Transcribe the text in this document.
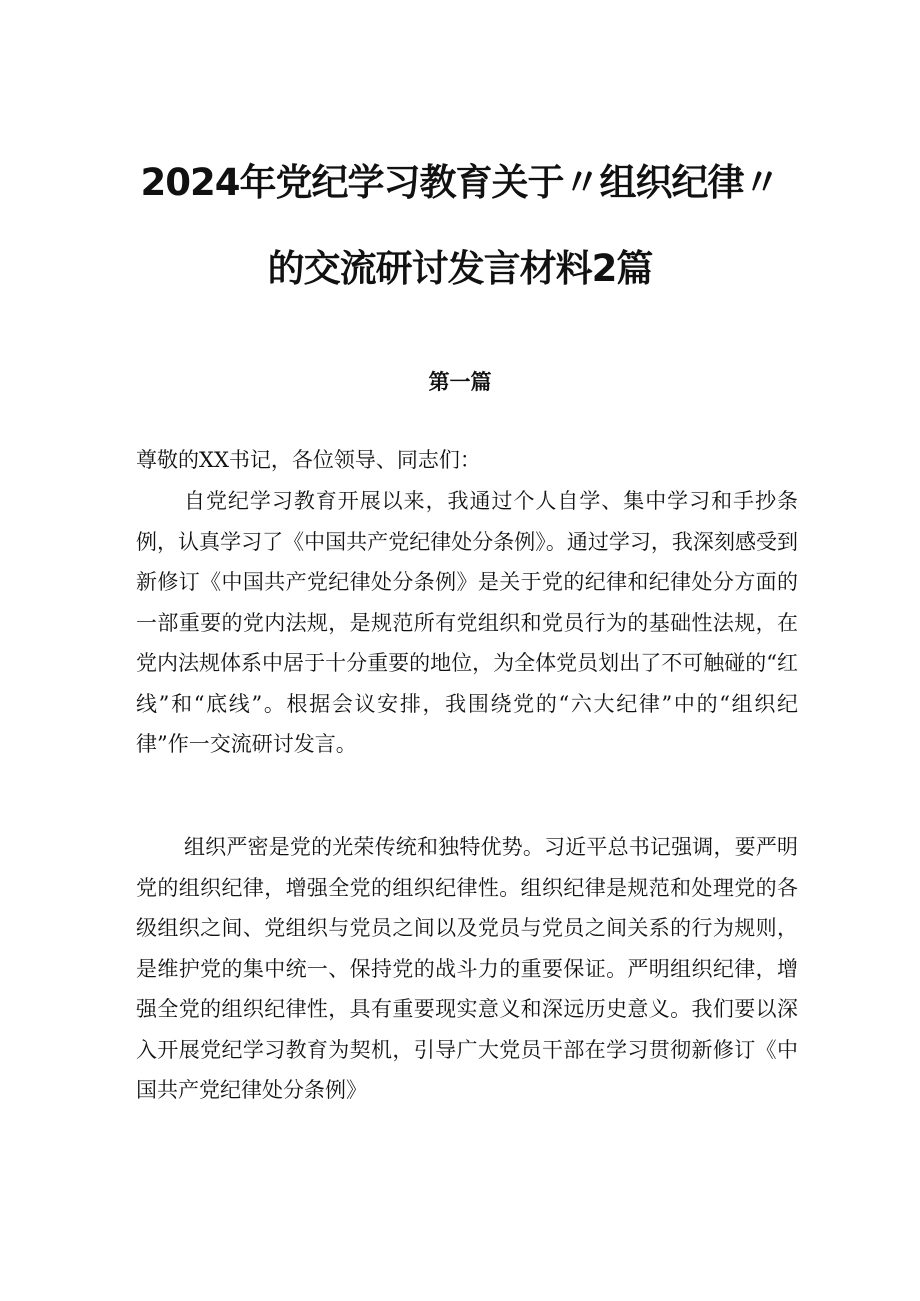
2024年党纪学习教育关于〃组织纪律〃
的交流研讨发言材料2篇
第一篇
尊敬的XX书记，各位领导、同志们：
自党纪学习教育开展以来，我通过个人自学、集中学习和手抄条例，认真学习了《中国共产党纪律处分条例》。通过学习，我深刻感受到新修订《中国共产党纪律处分条例》是关于党的纪律和纪律处分方面的一部重要的党内法规，是规范所有党组织和党员行为的基础性法规，在党内法规体系中居于十分重要的地位，为全体党员划出了不可触碰的“红线”和“底线”。根据会议安排，我围绕党的“六大纪律”中的“组织纪律”作一交流研讨发言。
组织严密是党的光荣传统和独特优势。习近平总书记强调，要严明党的组织纪律，增强全党的组织纪律性。组织纪律是规范和处理党的各级组织之间、党组织与党员之间以及党员与党员之间关系的行为规则，是维护党的集中统一、保持党的战斗力的重要保证。严明组织纪律，增强全党的组织纪律性，具有重要现实意义和深远历史意义。我们要以深入开展党纪学习教育为契机，引导广大党员干部在学习贯彻新修订《中国共产党纪律处分条例》
